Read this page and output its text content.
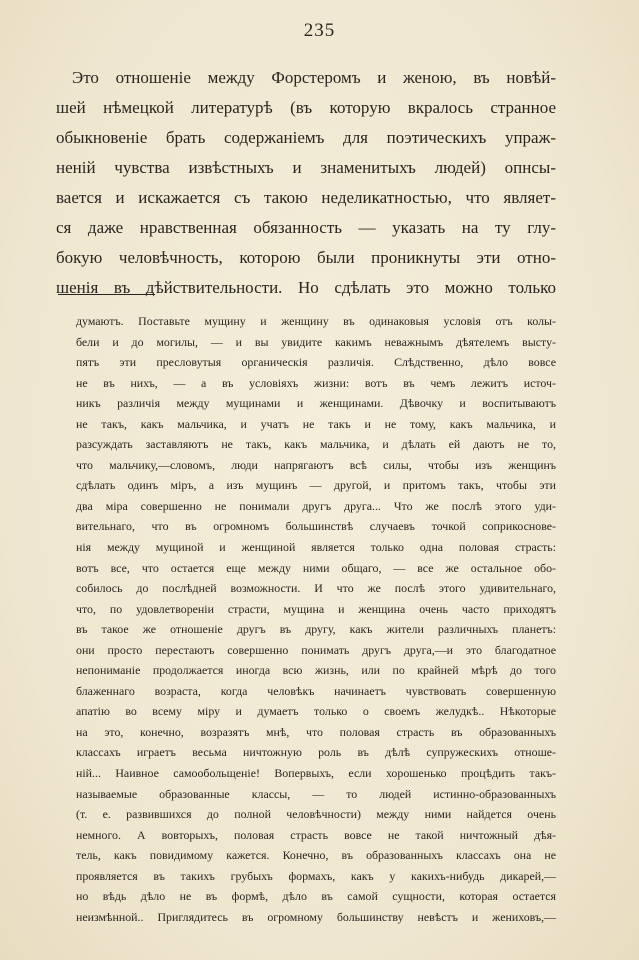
235
Это отношеніе между Форстеромъ и женою, въ новѣй-
шей нѣмецкой литературѣ (въ которую вкралось странное
обыкновеніе брать содержаніемъ для поэтическихъ упраж-
неній чувства извѣстныхъ и знаменитыхъ людей) опнсы-
вается и искажается съ такою неделикатностью, что являет-
ся даже нравственная обязанность — указать на ту глу-
бокую человѣчность, которою были проникнуты эти отно-
шенія въ дѣйствительности. Но сдѣлать это можно только
думаютъ. Поставьте мущину и женщину въ одинаковыя условія отъ колы-
бели и до могилы, — и вы увидите какимъ неважнымъ дѣятелемъ высту-
пятъ эти пресловутыя органическія различія. Слѣдственно, дѣло вовсе
не въ нихъ, — а въ условіяхъ жизни: вотъ въ чемъ лежитъ источ-
никъ различія между мущинами и женщинами. Дѣвочку и воспитываютъ
не такъ, какъ мальчика, и учатъ не такъ и не тому, какъ мальчика, и
разсуждать заставляютъ не такъ, какъ мальчика, и дѣлать ей даютъ не то,
что мальчику,—словомъ, люди напрягаютъ всѣ силы, чтобы изъ женщинъ
сдѣлать одинъ міръ, а изъ мущинъ — другой, и притомъ такъ, чтобы эти
два міра совершенно не понимали другъ друга... Что же послѣ этого уди-
вительнаго, что въ огромномъ большинствѣ случаевъ точкой соприкоснове-
нія между мущиной и женщиной является только одна половая страсть:
вотъ все, что остается еще между ними общаго, — все же остальное обо-
собилось до послѣдней возможности. И что же послѣ этого удивительнаго,
что, по удовлетвореніи страсти, мущина и женщина очень часто приходятъ
въ такое же отношеніе другъ въ другу, какъ жители различныхъ планетъ:
они просто перестаютъ совершенно понимать другъ друга,—и это благодатное
непониманіе продолжается иногда всю жизнь, или по крайней мѣрѣ до того
блаженнаго возраста, когда человѣкъ начинаетъ чувствовать совершенную
апатію во всему міру и думаетъ только о своемъ желудкѣ.. Нѣкоторые
на это, конечно, возразятъ мнѣ, что половая страсть въ образованныхъ
классахъ играетъ весьма ничтожную роль въ дѣлѣ супружескихъ отноше-
ній... Наивное самообольщеніе! Вопервыхъ, если хорошенько процѣдить такъ-
называемые образованные классы, — то людей истинно-образованныхъ
(т. е. развившихся до полной человѣчности) между ними найдется очень
немного. А вовторыхъ, половая страсть вовсе не такой ничтожный дѣя-
тель, какъ повидимому кажется. Конечно, въ образованныхъ классахъ она не
проявляется въ такихъ грубыхъ формахъ, какъ у какихъ-нибудь дикарей,—
но вѣдь дѣло не въ формѣ, дѣло въ самой сущности, которая остается
неизмѣнной.. Приглядитесь въ огромному большинству невѣстъ и жениховъ,—
